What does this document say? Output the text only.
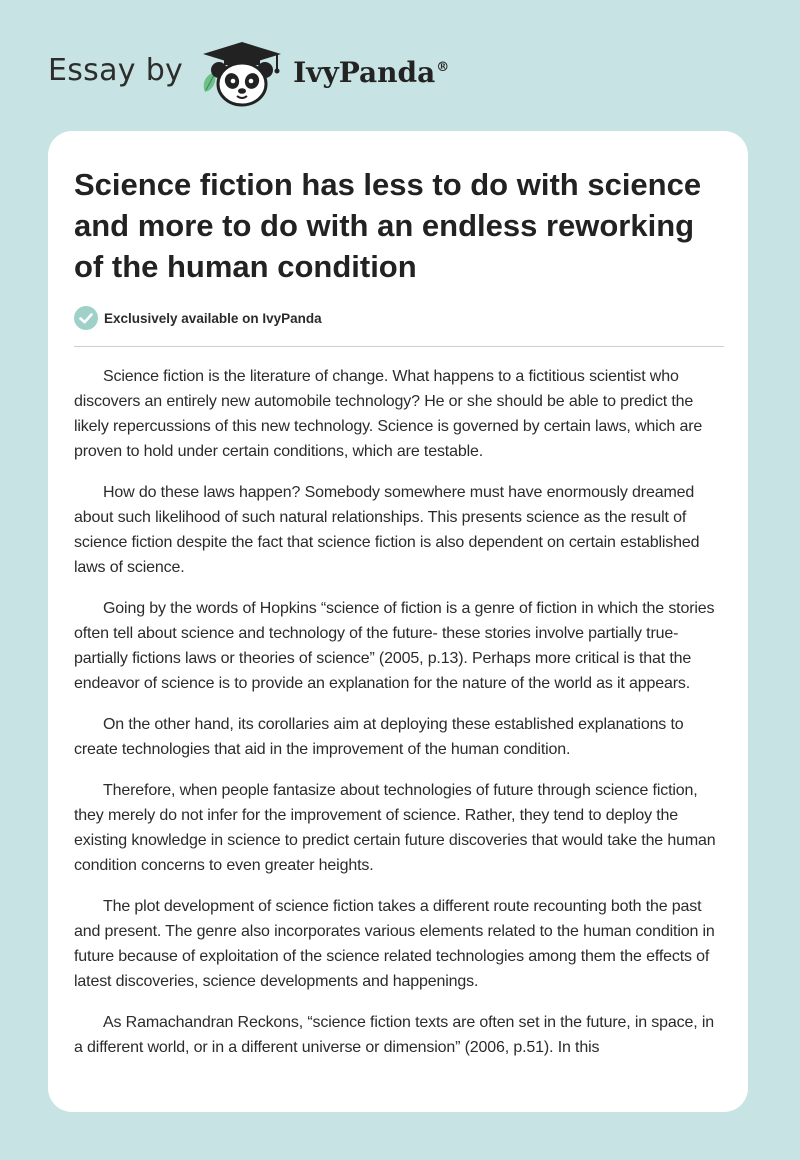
Essay by	IvyPanda®
Science fiction has less to do with science and more to do with an endless reworking of the human condition
Exclusively available on IvyPanda

Science fiction is the literature of change. What happens to a fictitious scientist who discovers an entirely new automobile technology? He or she should be able to predict the likely repercussions of this new technology. Science is governed by certain laws, which are proven to hold under certain conditions, which are testable.

How do these laws happen? Somebody somewhere must have enormously dreamed about such likelihood of such natural relationships. This presents science as the result of science fiction despite the fact that science fiction is also dependent on certain established laws of science.

Going by the words of Hopkins “science of fiction is a genre of fiction in which the stories often tell about science and technology of the future- these stories involve partially true-partially fictions laws or theories of science” (2005, p.13). Perhaps more critical is that the endeavor of science is to provide an explanation for the nature of the world as it appears.

On the other hand, its corollaries aim at deploying these established explanations to create technologies that aid in the improvement of the human condition.

Therefore, when people fantasize about technologies of future through science fiction, they merely do not infer for the improvement of science. Rather, they tend to deploy the existing knowledge in science to predict certain future discoveries that would take the human condition concerns to even greater heights.

The plot development of science fiction takes a different route recounting both the past and present. The genre also incorporates various elements related to the human condition in future because of exploitation of the science related technologies among them the effects of latest discoveries, science developments and happenings.

As Ramachandran Reckons, “science fiction texts are often set in the future, in space, in a different world, or in a different universe or dimension” (2006, p.51). In this
